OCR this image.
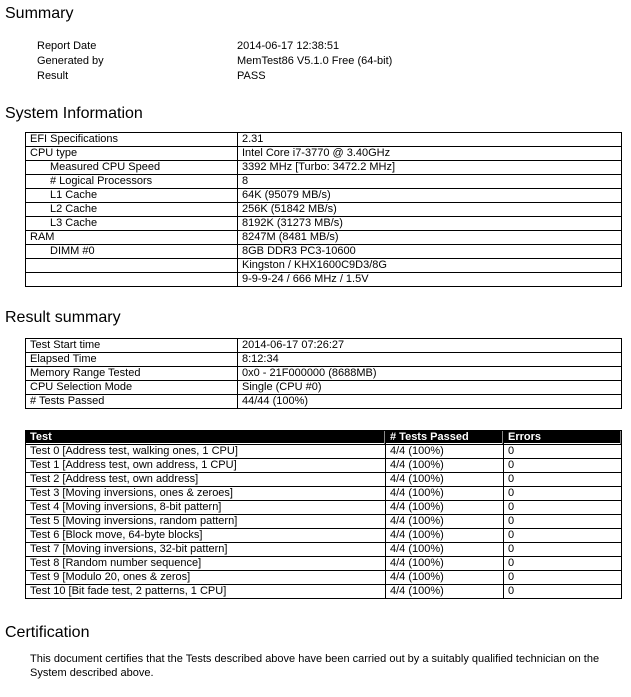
Summary
Report Date	2014-06-17 12:38:51
Generated by	MemTest86 V5.1.0 Free (64-bit)
Result	PASS
System Information
EFI Specifications	2.31
CPU type	Intel Core i7-3770 @ 3.40GHz
Measured CPU Speed	3392 MHz [Turbo: 3472.2 MHz]
# Logical Processors	8
L1 Cache	64K (95079 MB/s)
L2 Cache	256K (51842 MB/s)
L3 Cache	8192K (31273 MB/s)
RAM	8247M (8481 MB/s)
DIMM #0	8GB DDR3 PC3-10600
	Kingston / KHX1600C9D3/8G
	9-9-9-24 / 666 MHz / 1.5V
Result summary
Test Start time	2014-06-17 07:26:27
Elapsed Time	8:12:34
Memory Range Tested	0x0 - 21F000000 (8688MB)
CPU Selection Mode	Single (CPU #0)
# Tests Passed	44/44 (100%)
Test	# Tests Passed	Errors
Test 0 [Address test, walking ones, 1 CPU]	4/4 (100%)	0
Test 1 [Address test, own address, 1 CPU]	4/4 (100%)	0
Test 2 [Address test, own address]	4/4 (100%)	0
Test 3 [Moving inversions, ones & zeroes]	4/4 (100%)	0
Test 4 [Moving inversions, 8-bit pattern]	4/4 (100%)	0
Test 5 [Moving inversions, random pattern]	4/4 (100%)	0
Test 6 [Block move, 64-byte blocks]	4/4 (100%)	0
Test 7 [Moving inversions, 32-bit pattern]	4/4 (100%)	0
Test 8 [Random number sequence]	4/4 (100%)	0
Test 9 [Modulo 20, ones & zeros]	4/4 (100%)	0
Test 10 [Bit fade test, 2 patterns, 1 CPU]	4/4 (100%)	0
Certification

This document certifies that the Tests described above have been carried out by a suitably qualified technician on the System described above.
